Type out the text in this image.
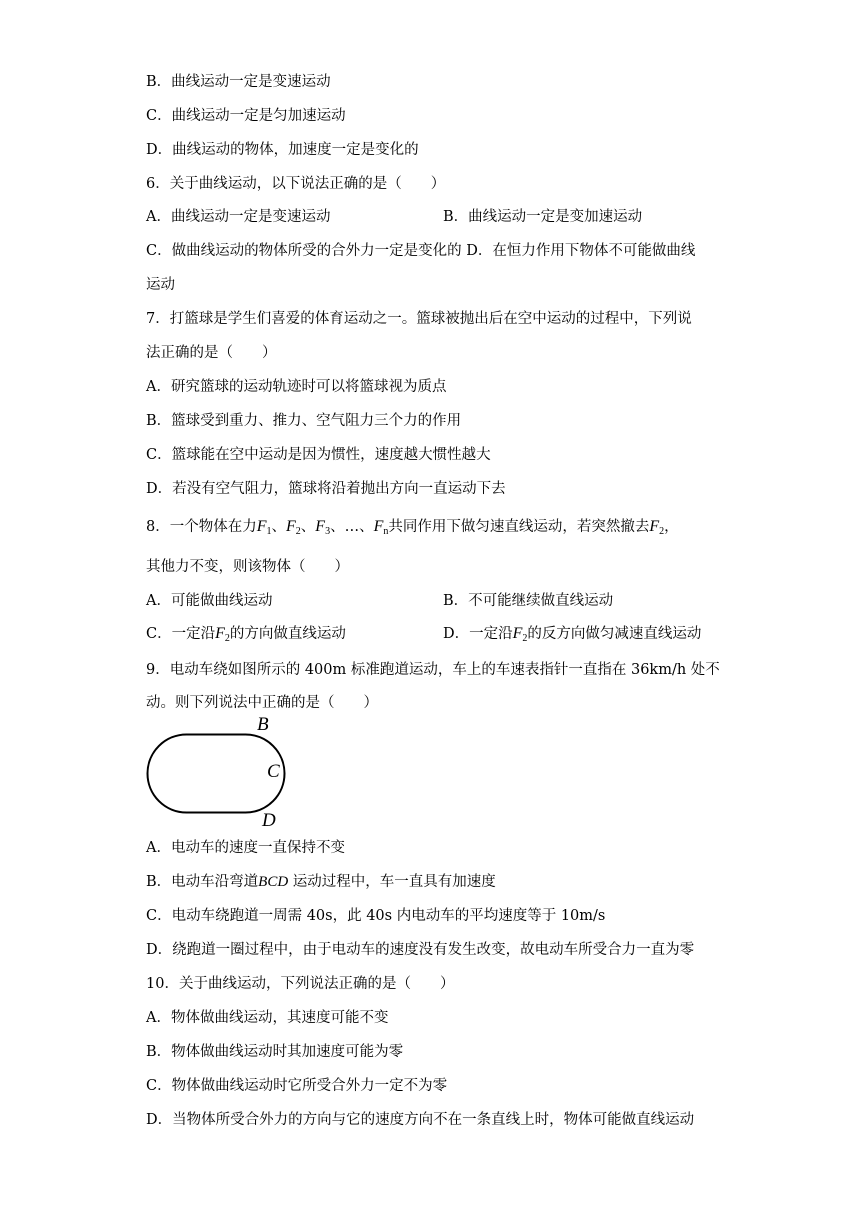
B．曲线运动一定是变速运动
C．曲线运动一定是匀加速运动
D．曲线运动的物体，加速度一定是变化的
6．关于曲线运动，以下说法正确的是（　　）
A．曲线运动一定是变速运动	B．曲线运动一定是变加速运动
C．做曲线运动的物体所受的合外力一定是变化的 D．在恒力作用下物体不可能做曲线
运动
7．打篮球是学生们喜爱的体育运动之一。篮球被抛出后在空中运动的过程中，下列说
法正确的是（　　）
A．研究篮球的运动轨迹时可以将篮球视为质点
B．篮球受到重力、推力、空气阻力三个力的作用
C．篮球能在空中运动是因为惯性，速度越大惯性越大
D．若没有空气阻力，篮球将沿着抛出方向一直运动下去
8．一个物体在力$F_1$、$F_2$、$F_3$、…、$F_n$共同作用下做匀速直线运动，若突然撤去$F_2$，
其他力不变，则该物体（　　）
A．可能做曲线运动	B．不可能继续做直线运动
C．一定沿$F_2$的方向做直线运动	D．一定沿$F_2$的反方向做匀减速直线运动
9．电动车绕如图所示的 400m 标准跑道运动，车上的车速表指针一直指在 36km/h 处不
动。则下列说法中正确的是（　　）
B
C
D
A．电动车的速度一直保持不变
B．电动车沿弯道BCD 运动过程中，车一直具有加速度
C．电动车绕跑道一周需 40s，此 40s 内电动车的平均速度等于 10m/s
D．绕跑道一圈过程中，由于电动车的速度没有发生改变，故电动车所受合力一直为零
10．关于曲线运动，下列说法正确的是（　　）
A．物体做曲线运动，其速度可能不变
B．物体做曲线运动时其加速度可能为零
C．物体做曲线运动时它所受合外力一定不为零
D．当物体所受合外力的方向与它的速度方向不在一条直线上时，物体可能做直线运动
